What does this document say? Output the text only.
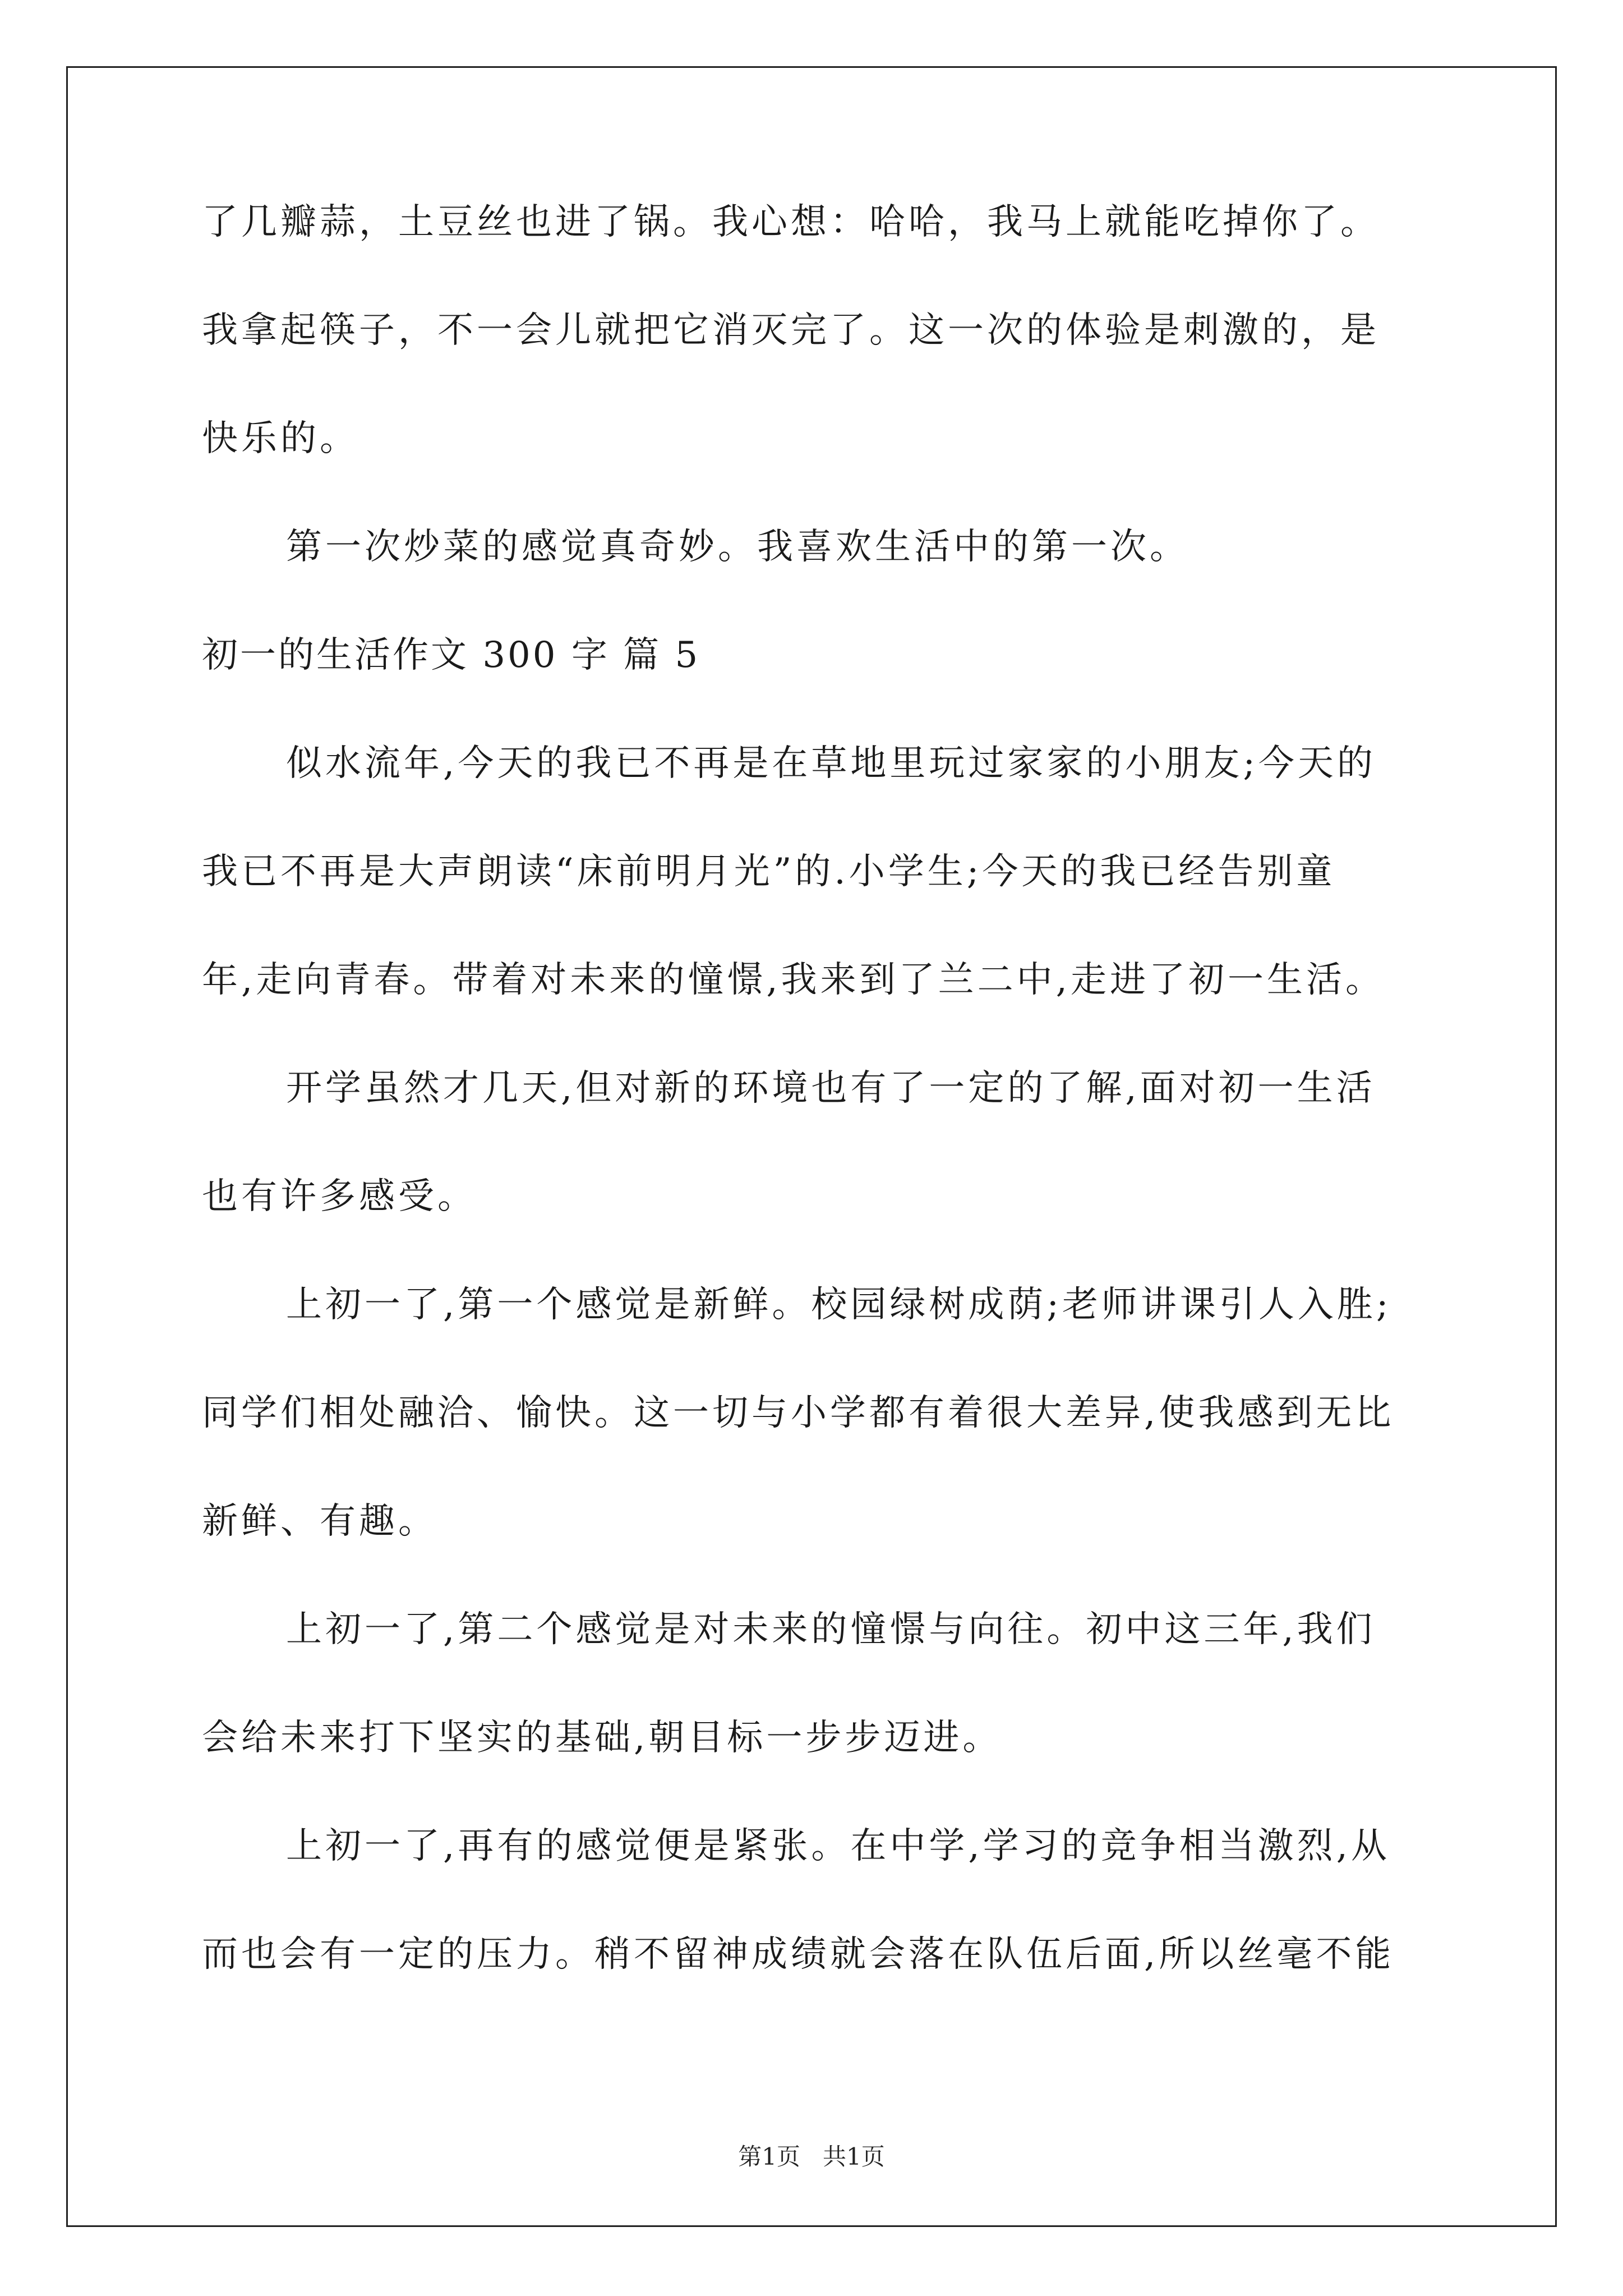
了几瓣蒜，土豆丝也进了锅。我心想：哈哈，我马上就能吃掉你了。
我拿起筷子，不一会儿就把它消灭完了。这一次的体验是刺激的，是
快乐的。
第一次炒菜的感觉真奇妙。我喜欢生活中的第一次。
初一的生活作文 300 字 篇 5
似水流年,今天的我已不再是在草地里玩过家家的小朋友;今天的
我已不再是大声朗读“床前明月光”的.小学生;今天的我已经告别童
年,走向青春。带着对未来的憧憬,我来到了兰二中,走进了初一生活。
开学虽然才几天,但对新的环境也有了一定的了解,面对初一生活
也有许多感受。
上初一了,第一个感觉是新鲜。校园绿树成荫;老师讲课引人入胜;
同学们相处融洽、愉快。这一切与小学都有着很大差异,使我感到无比
新鲜、有趣。
上初一了,第二个感觉是对未来的憧憬与向往。初中这三年,我们
会给未来打下坚实的基础,朝目标一步步迈进。
上初一了,再有的感觉便是紧张。在中学,学习的竞争相当激烈,从
而也会有一定的压力。稍不留神成绩就会落在队伍后面,所以丝毫不能
第1页 共1页
